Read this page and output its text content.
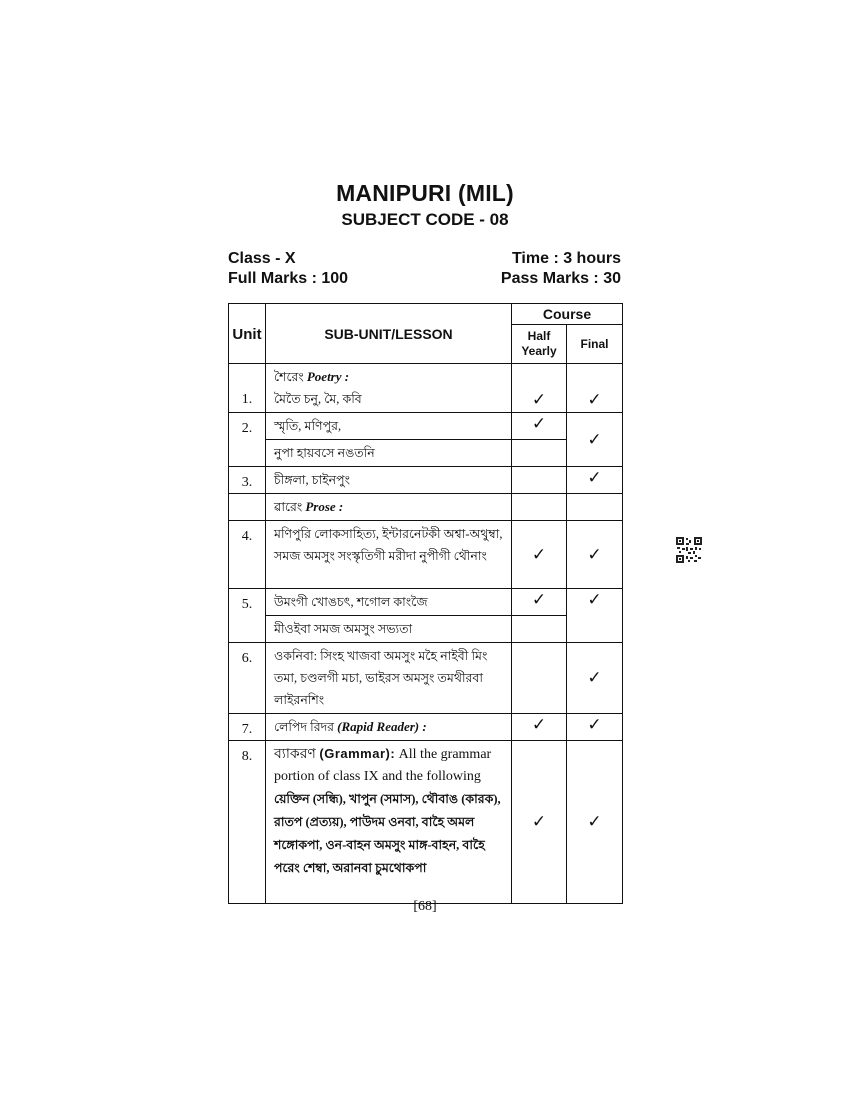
MANIPURI (MIL)
SUBJECT CODE - 08
Class - X	Time : 3 hours
Full Marks : 100	Pass Marks : 30
Unit	SUB-UNIT/LESSON	Course	
		Half Yearly	Final
1.	শৈরেং Poetry :
মৈতৈ চনু, মৈ, কবি	✓	✓
2.	স্মৃতি, মণিপুর,	✓	✓
	নুপা হায়বসে নঙতনি		
3.	চীঙ্গলা, চাইনপুং		✓
	ৱারেং Prose :		
4.	মণিপুরি লোকসাহিত্য, ইন্টারনেটকী অশ্বা-অথুম্বা, সমজ অমসুং সংস্কৃতিগী মরীদা নুপীগী থৌনাং	✓	✓
5.	উমংগী খোঙচৎ, শগোল কাংজৈ	✓	✓
	মীওইবা সমজ অমসুং সভ্যতা		
6.	ওকনিবা: সিংহ খাজবা অমসুং মহৈ নাইবী মিং তমা, চণ্ডলগী মচা, ভাইরস অমসুং তমথীরবা লাইরনশিং		✓
7.	লেপিদ রিদর (Rapid Reader) :	✓	✓
8.	ব্যাকরণ (Grammar): All the grammar portion of class IX and the following য়েক্তিন (সন্ধি), খাপুন (সমাস), থৌবাঙ (কারক), রাতপ (প্রত্যয়), পাউদম ওনবা, বাহৈ অমল শঙ্গোকপা, ওন-বাহন অমসুং মাঙ্গ-বাহন, বাহৈ পরেং শেম্বা, অরানবা চুমথোকপা	✓	✓
[68]
